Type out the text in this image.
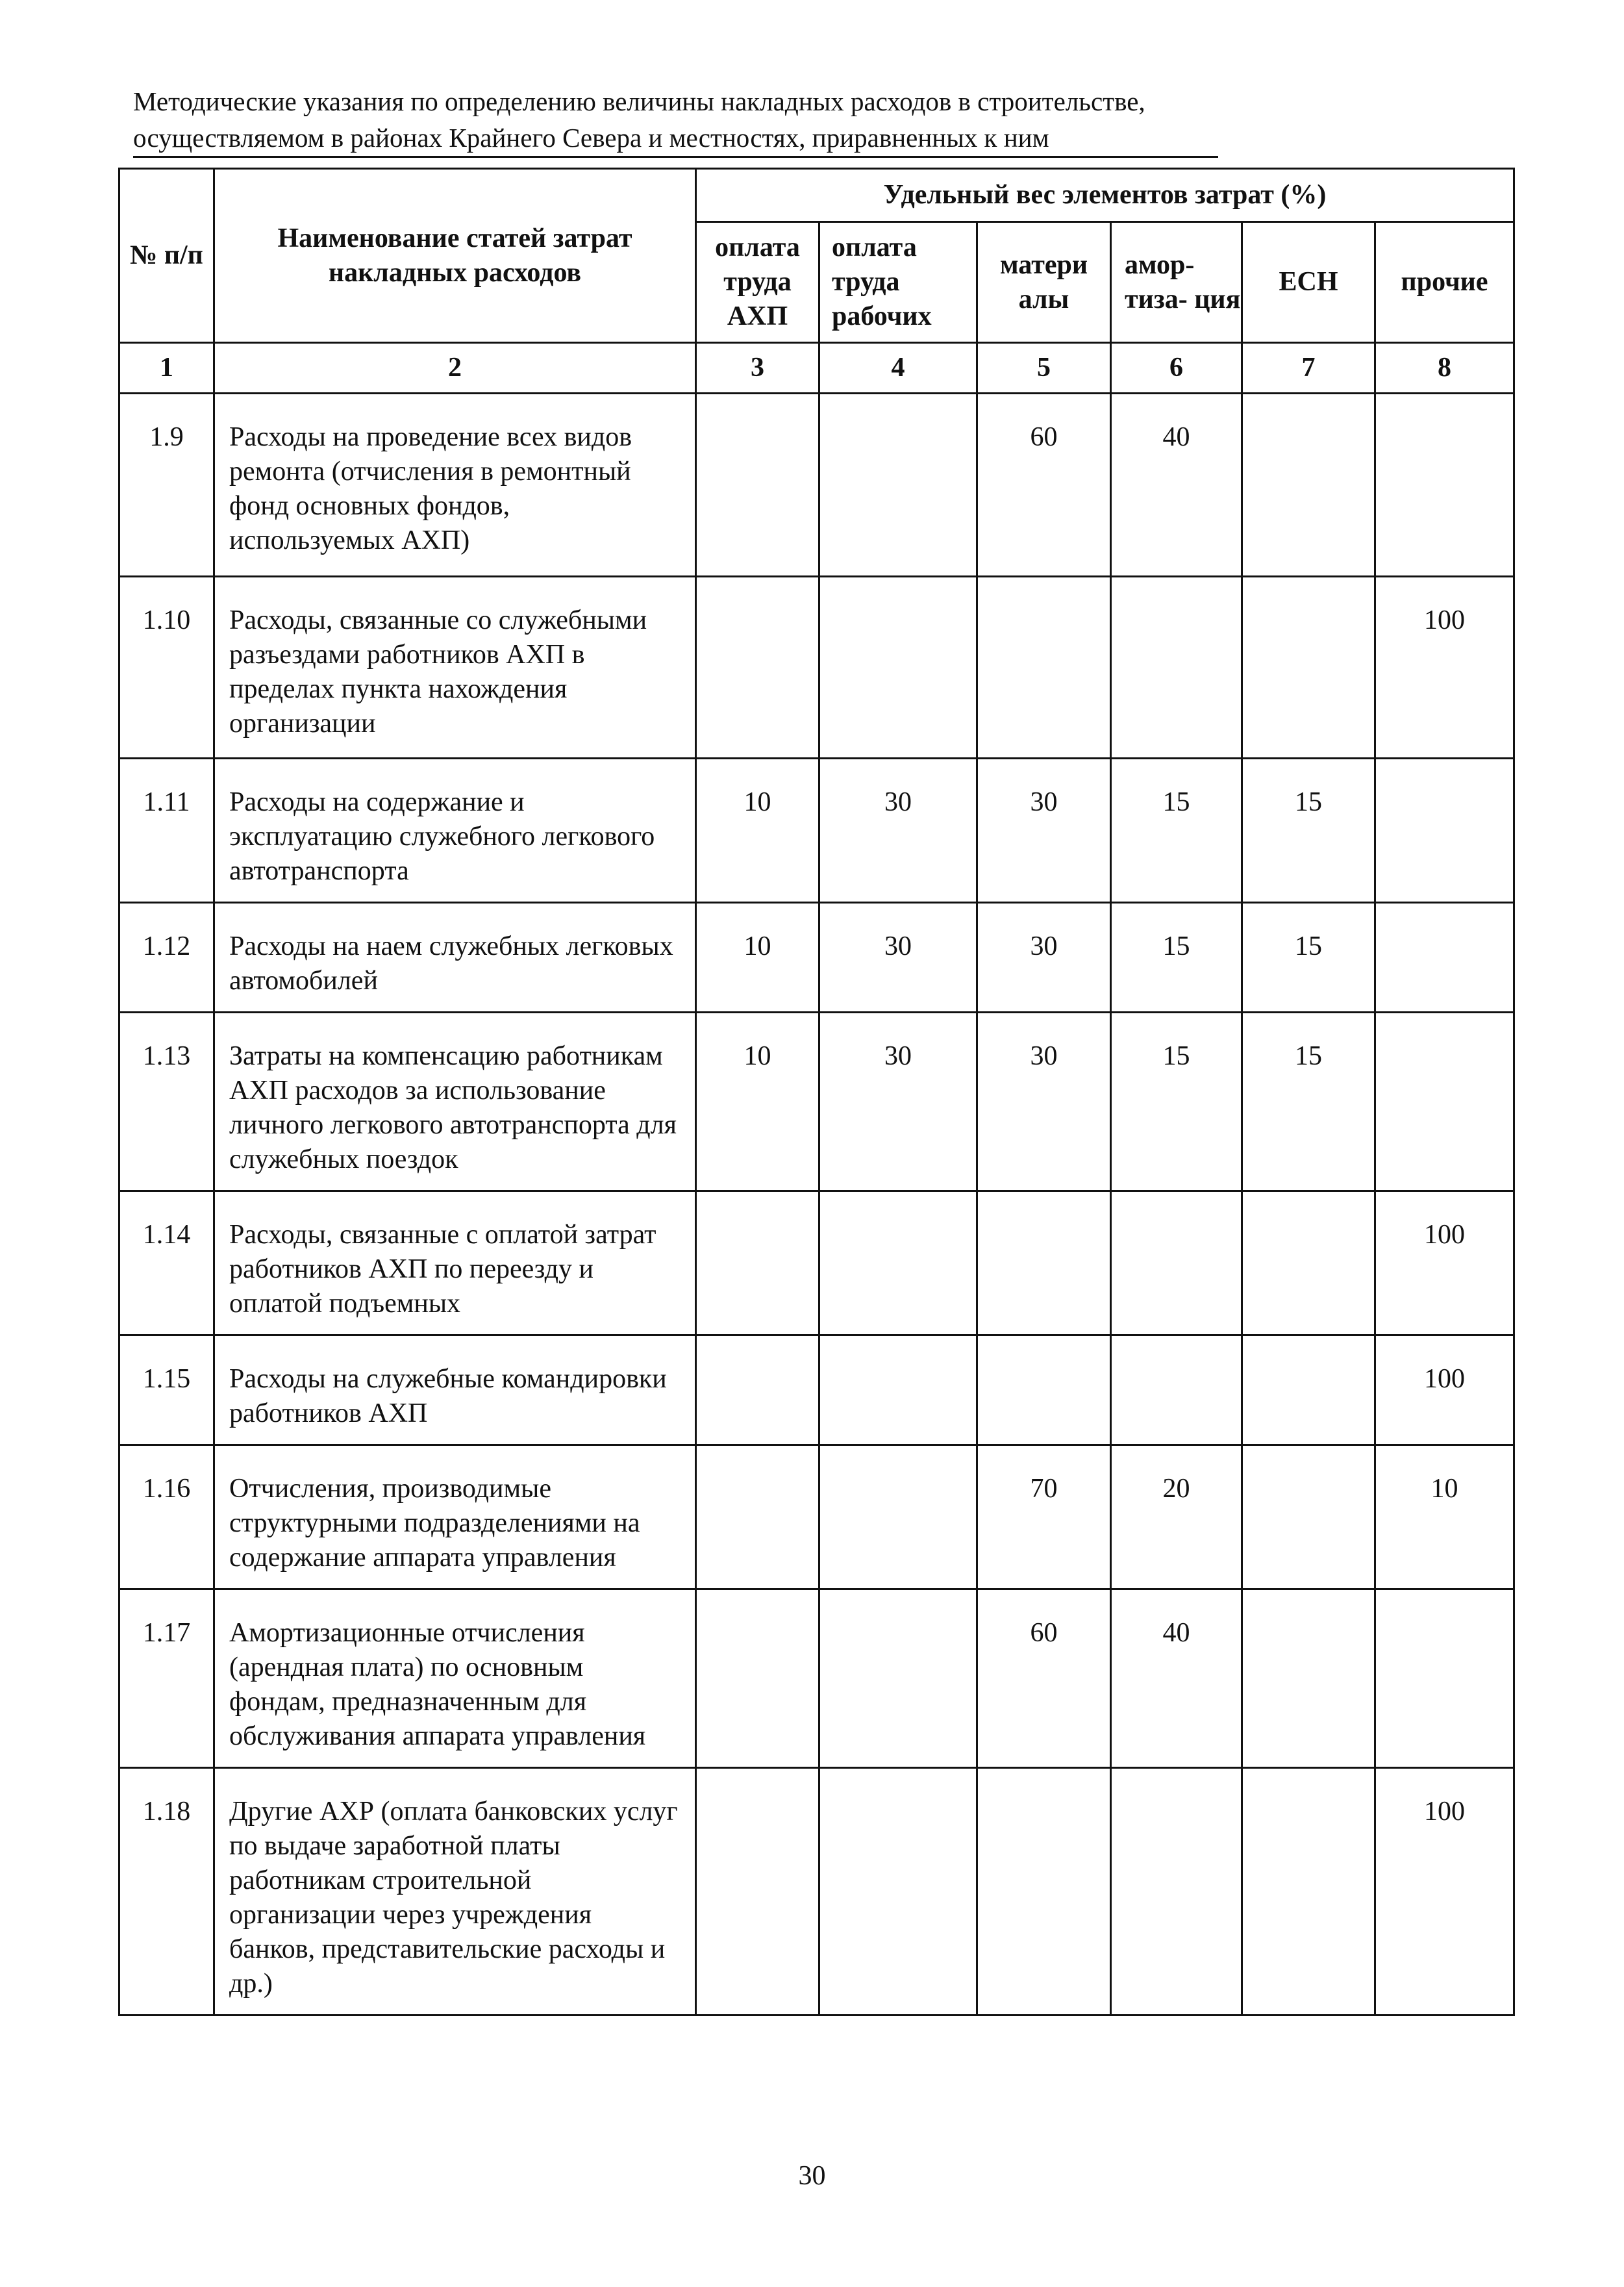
Методические указания по определению величины накладных расходов в строительстве,
осуществляемом в районах Крайнего Севера и местностях, приравненных к ним
№ п/п	Наименование статей затрат накладных расходов	Удельный вес элементов затрат (%)					
		оплата труда АХП	оплата труда рабочих	матери алы	амор- тиза- ция	ЕСН	прочие
1	2	3	4	5	6	7	8
1.9	Расходы на проведение всех видов ремонта (отчисления в ремонтный фонд основных фондов, используемых АХП)			60	40		
1.10	Расходы, связанные со служебными разъездами работников АХП в пределах пункта нахождения организации						100
1.11	Расходы на содержание и эксплуатацию служебного легкового автотранспорта	10	30	30	15	15	
1.12	Расходы на наем служебных легковых автомобилей	10	30	30	15	15	
1.13	Затраты на компенсацию работникам АХП расходов за использование личного легкового автотранспорта для служебных поездок	10	30	30	15	15	
1.14	Расходы, связанные с оплатой затрат работников АХП по переезду и оплатой подъемных						100
1.15	Расходы на служебные командировки работников АХП						100
1.16	Отчисления, производимые структурными подразделениями на содержание аппарата управления			70	20		10
1.17	Амортизационные отчисления (арендная плата) по основным фондам, предназначенным для обслуживания аппарата управления			60	40		
1.18	Другие АХР (оплата банковских услуг по выдаче заработной платы работникам строительной организации через учреждения банков, представительские расходы и др.)						100
30
